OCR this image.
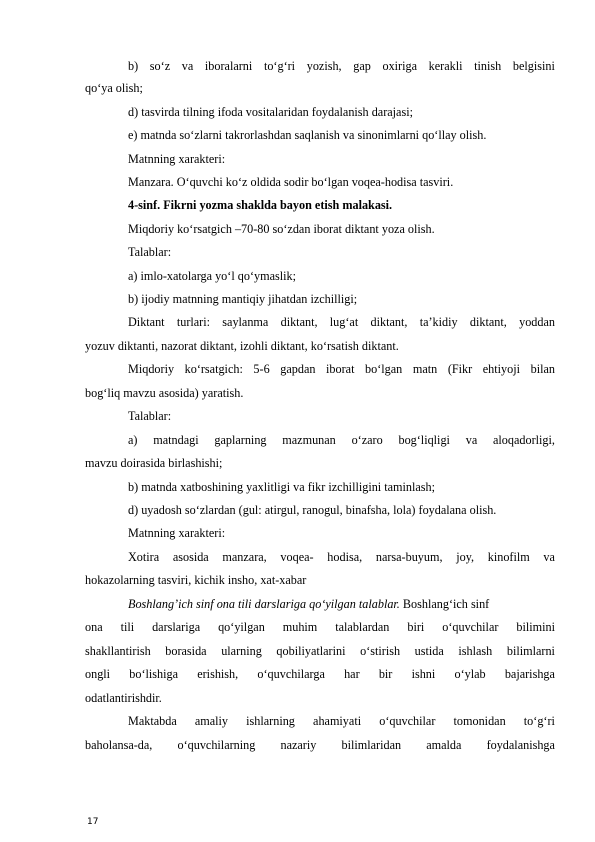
b) so‘z va iboralarni to‘g‘ri yozish, gap oxiriga kerakli tinish belgisini
qo‘ya olish;
d) tasvirda tilning ifoda vositalaridan foydalanish darajasi;
e) matnda so‘zlarni takrorlashdan saqlanish va sinonimlarni qo‘llay olish.
Matnning xarakteri:
Manzara. O‘quvchi ko‘z oldida sodir bo‘lgan voqea-hodisa tasviri.
4-sinf. Fikrni yozma shaklda bayon etish malakasi.
Miqdoriy ko‘rsatgich –70-80 so‘zdan iborat diktant yoza olish.
Talablar:
a) imlo-xatolarga yo‘l qo‘ymaslik;
b) ijodiy matnning mantiqiy jihatdan izchilligi;
Diktant turlari: saylanma diktant, lug‘at diktant, ta’kidiy diktant, yoddan
yozuv diktanti, nazorat diktant, izohli diktant, ko‘rsatish diktant.
Miqdoriy ko‘rsatgich: 5-6 gapdan iborat bo‘lgan matn (Fikr ehtiyoji bilan
bog‘liq mavzu asosida) yaratish.
Talablar:
a) matndagi gaplarning mazmunan o‘zaro bog‘liqligi va aloqadorligi,
mavzu doirasida birlashishi;
b) matnda xatboshining yaxlitligi va fikr izchilligini taminlash;
d) uyadosh so‘zlardan (gul: atirgul, ranogul, binafsha, lola) foydalana olish.
Matnning xarakteri:
Xotira asosida manzara, voqea- hodisa, narsa-buyum, joy, kinofilm va
hokazolarning tasviri, kichik insho, xat-xabar
Boshlang’ich sinf ona tili darslariga qo‘yilgan talablar. Boshlang‘ich sinf
ona tili darslariga qo‘yilgan muhim talablardan biri o‘quvchilar bilimini
shakllantirish borasida ularning qobiliyatlarini o‘stirish ustida ishlash bilimlarni
ongli bo‘lishiga erishish, o‘quvchilarga har bir ishni o‘ylab bajarishga
odatlantirishdir.
Maktabda amaliy ishlarning ahamiyati o‘quvchilar tomonidan to‘g‘ri
baholansa-da, o‘quvchilarning nazariy bilimlaridan amalda foydalanishga
17
